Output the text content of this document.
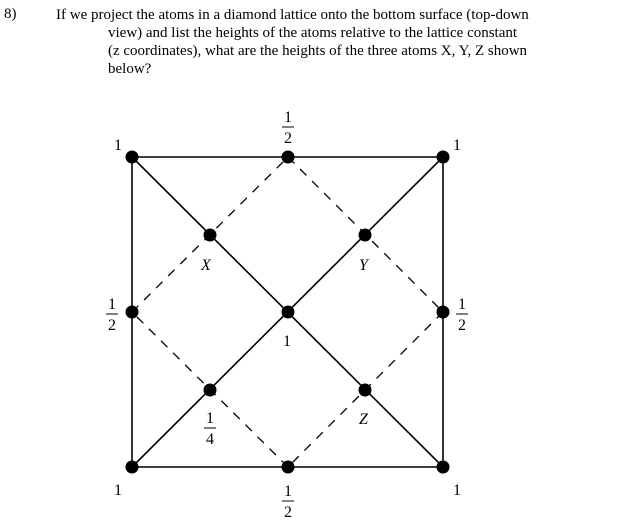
8)	If we project the atoms in a diamond lattice onto the bottom surface (top-down
view) and list the heights of the atoms relative to the lattice constant
(z coordinates), what are the heights of the three atoms X, Y, Z shown
below?
1	1
1	1
1
1
2
1
2
1
2
1
2
1
4
X	Y
Z
